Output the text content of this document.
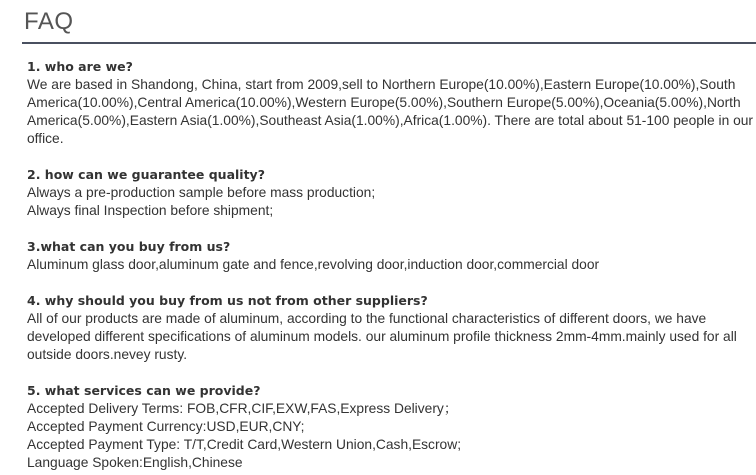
FAQ

1. who are we?

We are based in Shandong, China, start from 2009,sell to Northern Europe(10.00%),Eastern Europe(10.00%),South America(10.00%),Central America(10.00%),Western Europe(5.00%),Southern Europe(5.00%),Oceania(5.00%),North America(5.00%),Eastern Asia(1.00%),Southeast Asia(1.00%),Africa(1.00%). There are total about 51-100 people in our office.

2. how can we guarantee quality?

Always a pre-production sample before mass production;

Always final Inspection before shipment;

3.what can you buy from us?

Aluminum glass door,aluminum gate and fence,revolving door,induction door,commercial door

4. why should you buy from us not from other suppliers?

All of our products are made of aluminum, according to the functional characteristics of different doors, we have developed different specifications of aluminum models. our aluminum profile thickness 2mm-4mm.mainly used for all outside doors.nevey rusty.

5. what services can we provide?

Accepted Delivery Terms: FOB,CFR,CIF,EXW,FAS,Express Delivery；

Accepted Payment Currency:USD,EUR,CNY;

Accepted Payment Type: T/T,Credit Card,Western Union,Cash,Escrow;

Language Spoken:English,Chinese
